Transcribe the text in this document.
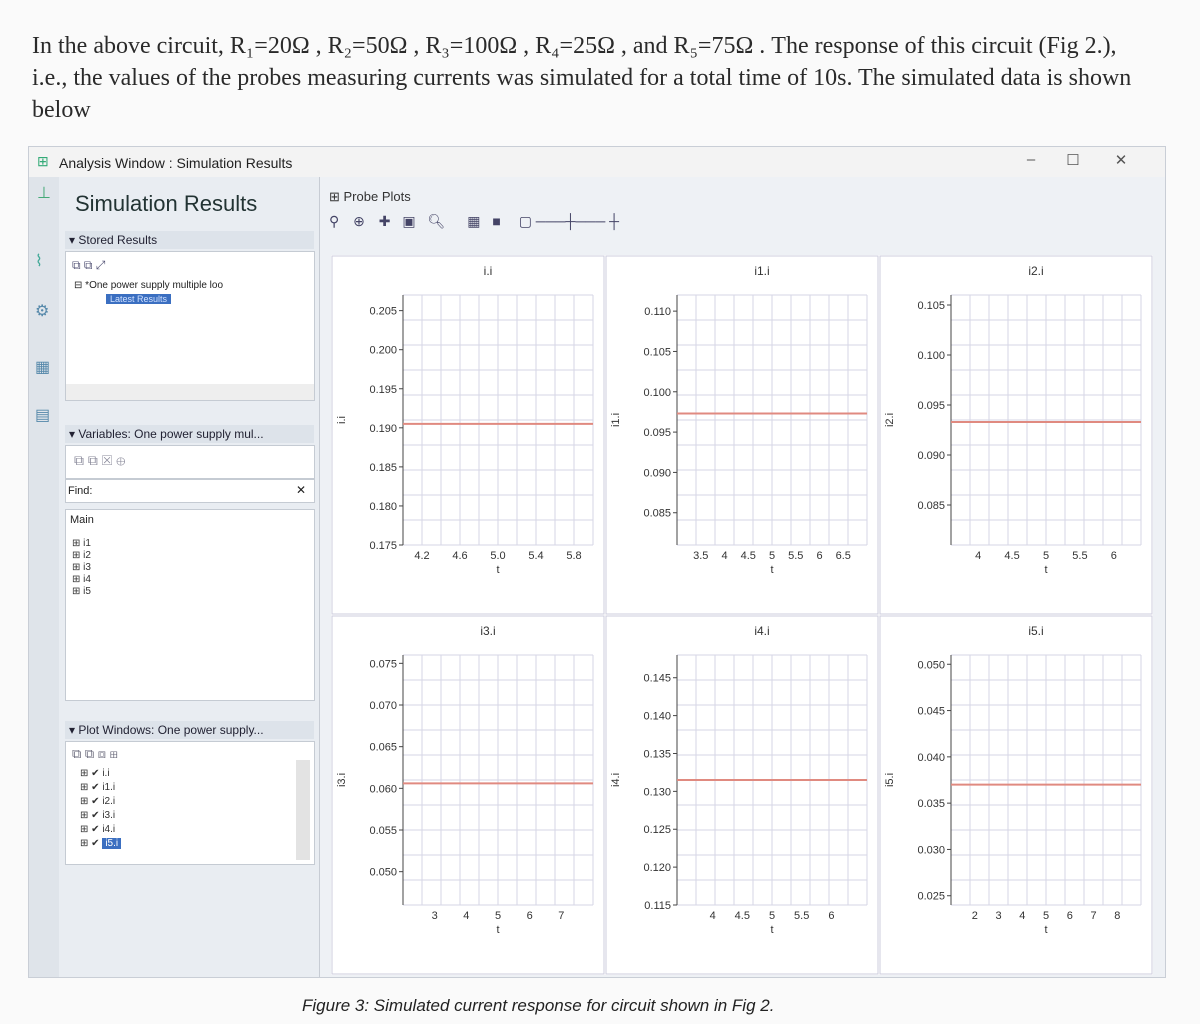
In the above circuit, R₁=20Ω , R₂=50Ω , R₃=100Ω , R₄=25Ω , and R₅=75Ω . The response of this circuit (Fig 2.), i.e., the values of the probes measuring currents was simulated for a total time of 10s. The simulated data is shown below
⊞ Analysis Window : Simulation Results	–	☐	✕
⊥
⌇
⚙
▦
▤
Simulation Results
▾ Stored Results
⧉ ⧉ ⤢
⊟ *One power supply multiple loo
Latest Results
▾ Variables: One power supply mul...
⧉ ⧉ ☒ ⊕
Find:	✕
Main
⊞ i1
⊞ i2
⊞ i3
⊞ i4
⊞ i5
▾ Plot Windows: One power supply...
⧉ ⧉ ⧈ ⊞
⊞ ✔ i.i
⊞ ✔ i1.i
⊞ ✔ i2.i
⊞ ✔ i3.i
⊞ ✔ i4.i
⊞ ✔ i5.i
⊞ Probe Plots
⚲ ⊕ ✚ ▣ 🔍︎ ▦ ■ ▢ ───┼─── ┼
i.i
0.205
0.200
0.195
0.190
0.185
0.180
0.175
4.2 4.6 5.0 5.4 5.8
t
i.i
i1.i
0.110
0.105
0.100
0.095
0.090
0.085
3.5 4 4.5 5 5.5 6 6.5
t
i1.i
i2.i
0.105
0.100
0.095
0.090
0.085
4 4.5 5 5.5 6
t
i2.i
i3.i
0.075
0.070
0.065
0.060
0.055
0.050
3 4 5 6 7
t
i3.i
i4.i
0.145
0.140
0.135
0.130
0.125
0.120
0.115
4 4.5 5 5.5 6
t
i4.i
i5.i
0.050
0.045
0.040
0.035
0.030
0.025
2 3 4 5 6 7 8
t
i5.i
Figure 3: Simulated current response for circuit shown in Fig 2.
